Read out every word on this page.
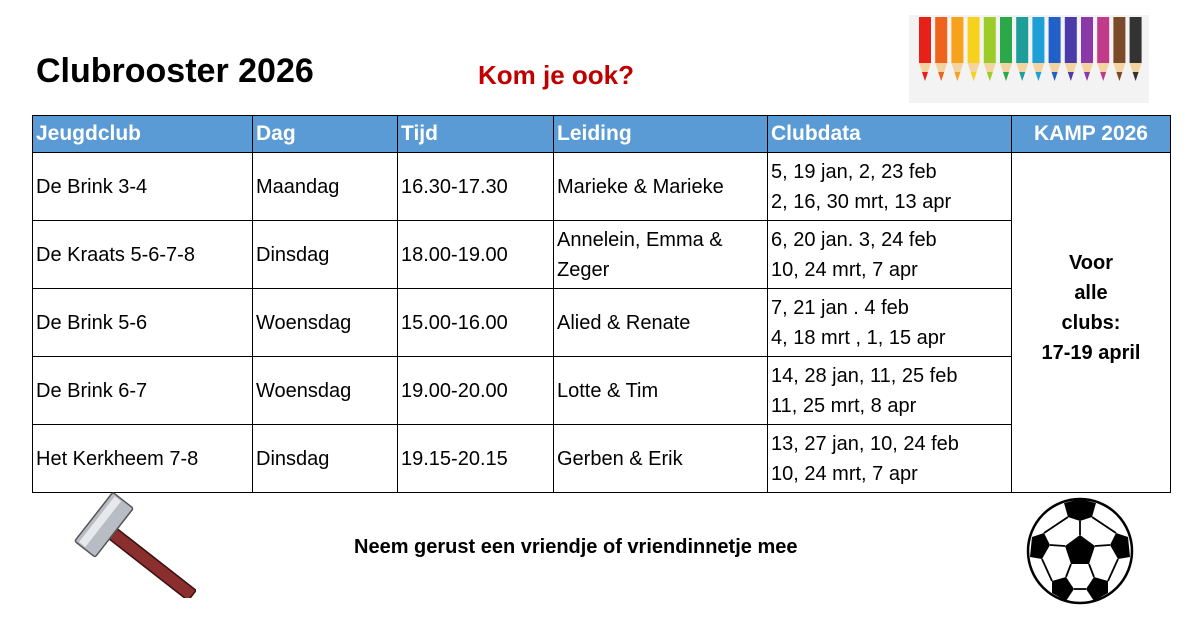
Clubrooster 2026	Kom je ook?
Jeugdclub	Dag	Tijd	Leiding	Clubdata	KAMP 2026
De Brink 3-4	Maandag	16.30-17.30	Marieke & Marieke	5, 19 jan, 2, 23 feb
2, 16, 30 mrt, 13 apr	Voor
alle
clubs:
17-19 april

De Kraats 5-6-7-8	Dinsdag	18.00-19.00	Annelein, Emma &
Zeger	6, 20 jan. 3, 24 feb
10, 24 mrt, 7 apr	

De Brink 5-6	Woensdag	15.00-16.00	Alied & Renate	7, 21 jan . 4 feb
4, 18 mrt , 1, 15 apr	

De Brink 6-7	Woensdag	19.00-20.00	Lotte & Tim	14, 28 jan, 11, 25 feb
11, 25 mrt, 8 apr	

Het Kerkheem 7-8	Dinsdag	19.15-20.15	Gerben & Erik	13, 27 jan, 10, 24 feb
10, 24 mrt, 7 apr	
Neem gerust een vriendje of vriendinnetje mee
